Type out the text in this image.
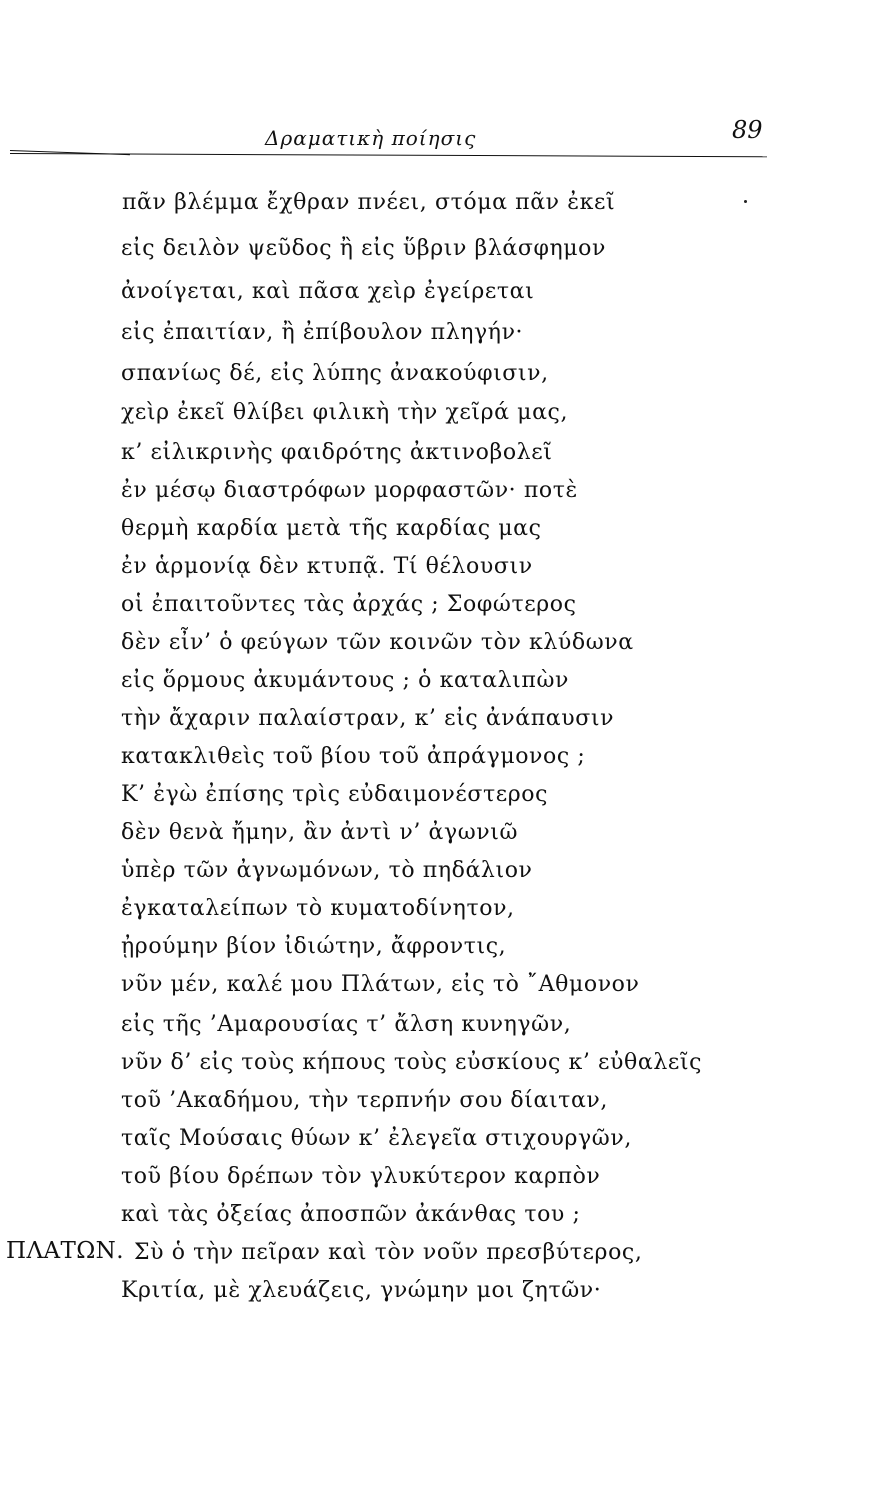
Δραματικὴ ποίησις	89
πᾶν βλέμμα ἔχθραν πνέει, στόμα πᾶν ἐκεῖ
εἰς δειλὸν ψεῦδος ἢ εἰς ὕβριν βλάσφημον
ἀνοίγεται, καὶ πᾶσα χεὶρ ἐγείρεται
εἰς ἐπαιτίαν, ἢ ἐπίβουλον πληγήν·
σπανίως δέ, εἰς λύπης ἀνακούφισιν,
χεὶρ ἐκεῖ θλίβει φιλικὴ τὴν χεῖρά μας,
κ’ εἰλικρινὴς φαιδρότης ἀκτινοβολεῖ
ἐν μέσῳ διαστρόφων μορφαστῶν· ποτὲ
θερμὴ καρδία μετὰ τῆς καρδίας μας
ἐν ἁρμονίᾳ δὲν κτυπᾷ. Τί θέλουσιν
οἱ ἐπαιτοῦντες τὰς ἀρχάς ; Σοφώτερος
δὲν εἶν’ ὁ φεύγων τῶν κοινῶν τὸν κλύδωνα
εἰς ὅρμους ἀκυμάντους ; ὁ καταλιπὼν
τὴν ἄχαριν παλαίστραν, κ’ εἰς ἀνάπαυσιν
κατακλιθεὶς τοῦ βίου τοῦ ἀπράγμονος ;
Κ’ ἐγὼ ἐπίσης τρὶς εὐδαιμονέστερος
δὲν θενὰ ἤμην, ἂν ἀντὶ ν’ ἀγωνιῶ
ὑπὲρ τῶν ἀγνωμόνων, τὸ πηδάλιον
ἐγκαταλείπων τὸ κυματοδίνητον,
ᾐρούμην βίον ἰδιώτην, ἄφροντις,
νῦν μέν, καλέ μου Πλάτων, εἰς τὸ ῎Αθμονον
εἰς τῆς ’Αμαρουσίας τ’ ἄλση κυνηγῶν,
νῦν δ’ εἰς τοὺς κήπους τοὺς εὐσκίους κ’ εὐθαλεῖς
τοῦ ’Ακαδήμου, τὴν τερπνήν σου δίαιταν,
ταῖς Μούσαις θύων κ’ ἐλεγεῖα στιχουργῶν,
τοῦ βίου δρέπων τὸν γλυκύτερον καρπὸν
καὶ τὰς ὀξείας ἀποσπῶν ἀκάνθας του ;
ΠΛΑΤΩΝ. Σὺ ὁ τὴν πεῖραν καὶ τὸν νοῦν πρεσβύτερος,
Κριτία, μὲ χλευάζεις, γνώμην μοι ζητῶν·
